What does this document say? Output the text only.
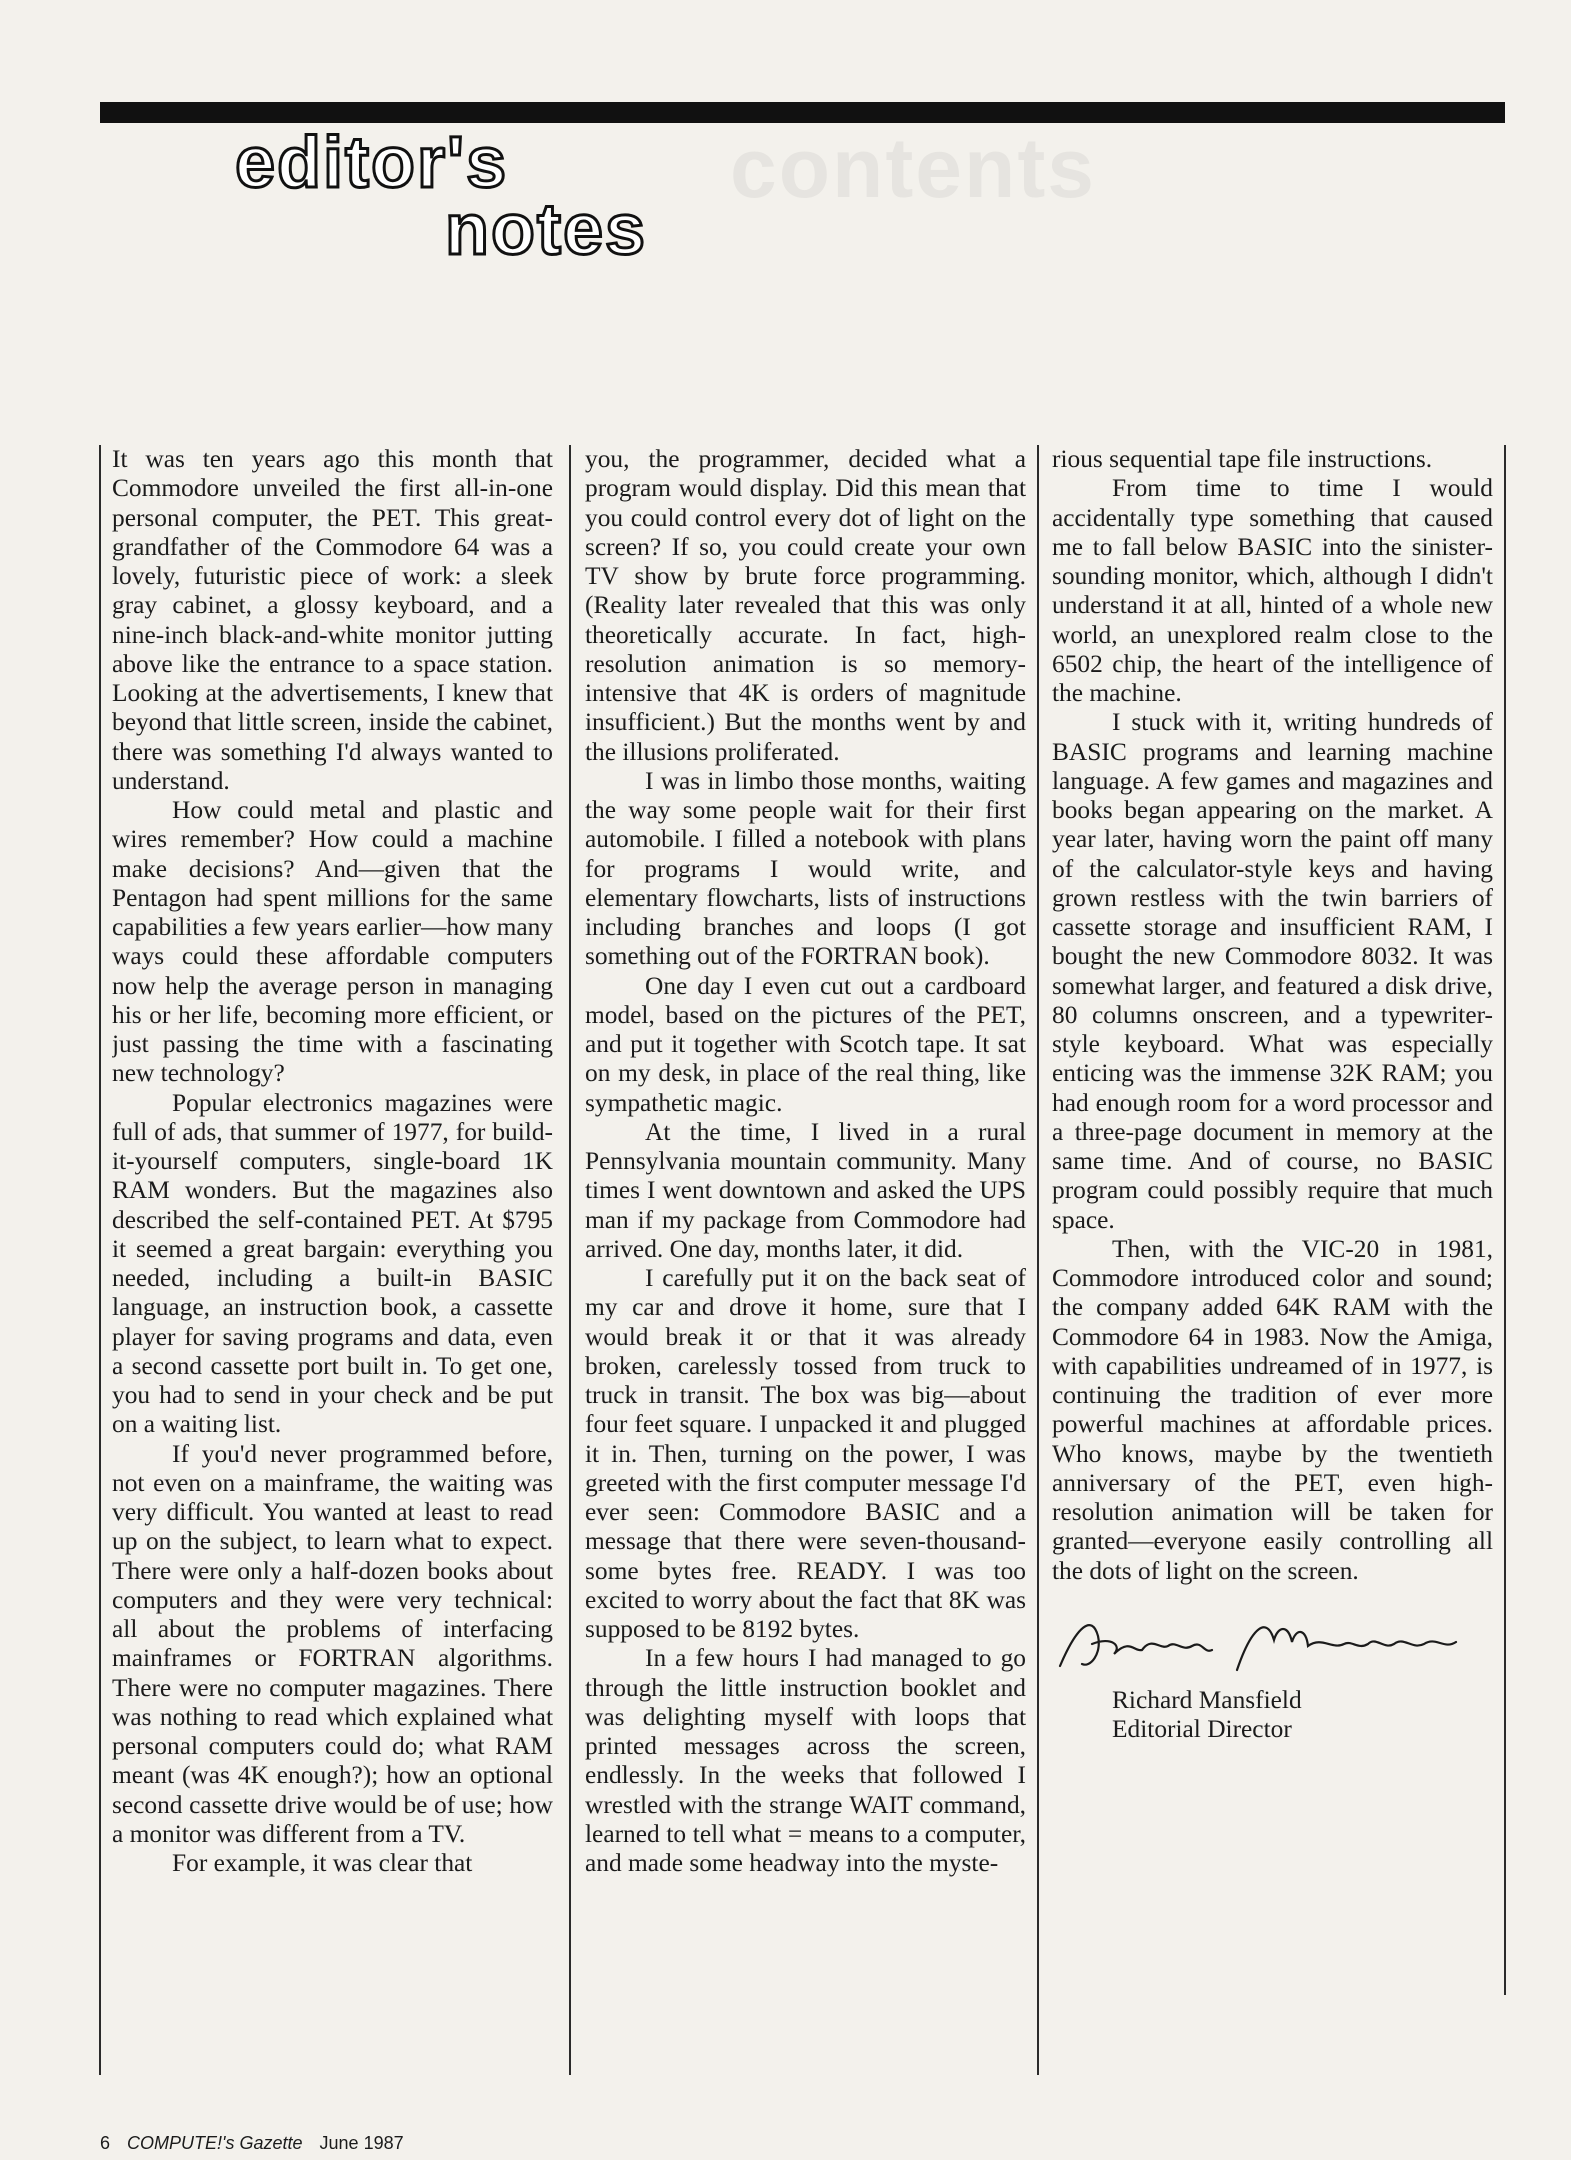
contents
editor's
notes

It was ten years ago this month that Commodore unveiled the first all-in-one personal computer, the PET. This great-grandfather of the Commodore 64 was a lovely, futuristic piece of work: a sleek gray cabinet, a glossy keyboard, and a nine-inch black-and-white monitor jutting above like the entrance to a space station. Looking at the advertisements, I knew that beyond that little screen, inside the cabinet, there was something I'd always wanted to understand.

How could metal and plastic and wires remember? How could a machine make decisions? And—given that the Pentagon had spent millions for the same capabilities a few years earlier—how many ways could these affordable computers now help the average person in managing his or her life, becoming more efficient, or just passing the time with a fascinating new technology?

Popular electronics magazines were full of ads, that summer of 1977, for build-it-yourself computers, single-board 1K RAM wonders. But the magazines also described the self-contained PET. At $795 it seemed a great bargain: everything you needed, including a built-in BASIC language, an instruction book, a cassette player for saving programs and data, even a second cassette port built in. To get one, you had to send in your check and be put on a waiting list.

If you'd never programmed before, not even on a mainframe, the waiting was very difficult. You wanted at least to read up on the subject, to learn what to expect. There were only a half-dozen books about computers and they were very technical: all about the problems of interfacing mainframes or FORTRAN algorithms. There were no computer magazines. There was nothing to read which explained what personal computers could do; what RAM meant (was 4K enough?); how an optional second cassette drive would be of use; how a monitor was different from a TV.

For example, it was clear that

you, the programmer, decided what a program would display. Did this mean that you could control every dot of light on the screen? If so, you could create your own TV show by brute force programming. (Reality later revealed that this was only theoretically accurate. In fact, high-resolution animation is so memory-intensive that 4K is orders of magnitude insufficient.) But the months went by and the illusions proliferated.

I was in limbo those months, waiting the way some people wait for their first automobile. I filled a notebook with plans for programs I would write, and elementary flowcharts, lists of instructions including branches and loops (I got something out of the FORTRAN book).

One day I even cut out a cardboard model, based on the pictures of the PET, and put it together with Scotch tape. It sat on my desk, in place of the real thing, like sympathetic magic.

At the time, I lived in a rural Pennsylvania mountain community. Many times I went downtown and asked the UPS man if my package from Commodore had arrived. One day, months later, it did.

I carefully put it on the back seat of my car and drove it home, sure that I would break it or that it was already broken, carelessly tossed from truck to truck in transit. The box was big—about four feet square. I unpacked it and plugged it in. Then, turning on the power, I was greeted with the first computer message I'd ever seen: Commodore BASIC and a message that there were seven-thousand-some bytes free. READY. I was too excited to worry about the fact that 8K was supposed to be 8192 bytes.

In a few hours I had managed to go through the little instruction booklet and was delighting myself with loops that printed messages across the screen, endlessly. In the weeks that followed I wrestled with the strange WAIT command, learned to tell what = means to a computer, and made some headway into the myste-

rious sequential tape file instructions.

From time to time I would accidentally type something that caused me to fall below BASIC into the sinister-sounding monitor, which, although I didn't understand it at all, hinted of a whole new world, an unexplored realm close to the 6502 chip, the heart of the intelligence of the machine.

I stuck with it, writing hundreds of BASIC programs and learning machine language. A few games and magazines and books began appearing on the market. A year later, having worn the paint off many of the calculator-style keys and having grown restless with the twin barriers of cassette storage and insufficient RAM, I bought the new Commodore 8032. It was somewhat larger, and featured a disk drive, 80 columns onscreen, and a typewriter-style keyboard. What was especially enticing was the immense 32K RAM; you had enough room for a word processor and a three-page document in memory at the same time. And of course, no BASIC program could possibly require that much space.

Then, with the VIC-20 in 1981, Commodore introduced color and sound; the company added 64K RAM with the Commodore 64 in 1983. Now the Amiga, with capabilities undreamed of in 1977, is continuing the tradition of ever more powerful machines at affordable prices. Who knows, maybe by the twentieth anniversary of the PET, even high-resolution animation will be taken for granted—everyone easily controlling all the dots of light on the screen.

Richard Mansfield

Editorial Director

6 COMPUTE!'s Gazette June 1987
